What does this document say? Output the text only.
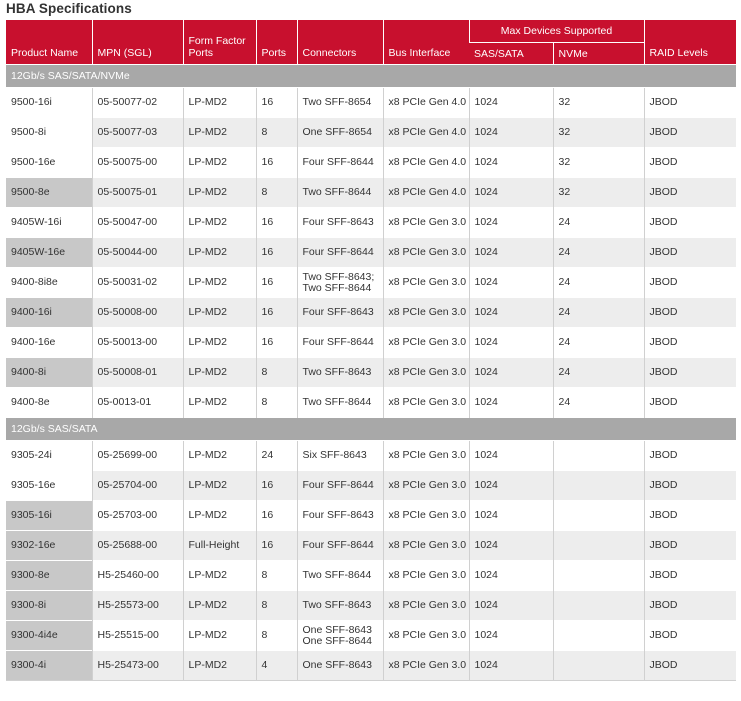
HBA Specifications
Product Name	MPN (SGL)	Form Factor Ports	Ports	Connectors	Bus Interface	Max Devices Supported		RAID Levels
						SAS/SATA	NVMe	
12Gb/s SAS/SATA/NVMe								
9500-16i	05-50077-02	LP-MD2	16	Two SFF-8654	x8 PCIe Gen 4.0	1024	32	JBOD
9500-8i	05-50077-03	LP-MD2	8	One SFF-8654	x8 PCIe Gen 4.0	1024	32	JBOD
9500-16e	05-50075-00	LP-MD2	16	Four SFF-8644	x8 PCIe Gen 4.0	1024	32	JBOD
9500-8e	05-50075-01	LP-MD2	8	Two SFF-8644	x8 PCIe Gen 4.0	1024	32	JBOD
9405W-16i	05-50047-00	LP-MD2	16	Four SFF-8643	x8 PCIe Gen 3.0	1024	24	JBOD
9405W-16e	05-50044-00	LP-MD2	16	Four SFF-8644	x8 PCIe Gen 3.0	1024	24	JBOD
9400-8i8e	05-50031-02	LP-MD2	16	Two SFF-8643;
Two SFF-8644	x8 PCIe Gen 3.0	1024	24	JBOD
9400-16i	05-50008-00	LP-MD2	16	Four SFF-8643	x8 PCIe Gen 3.0	1024	24	JBOD
9400-16e	05-50013-00	LP-MD2	16	Four SFF-8644	x8 PCIe Gen 3.0	1024	24	JBOD
9400-8i	05-50008-01	LP-MD2	8	Two SFF-8643	x8 PCIe Gen 3.0	1024	24	JBOD
9400-8e	05-0013-01	LP-MD2	8	Two SFF-8644	x8 PCIe Gen 3.0	1024	24	JBOD
12Gb/s SAS/SATA								
9305-24i	05-25699-00	LP-MD2	24	Six SFF-8643	x8 PCIe Gen 3.0	1024		JBOD
9305-16e	05-25704-00	LP-MD2	16	Four SFF-8644	x8 PCIe Gen 3.0	1024		JBOD
9305-16i	05-25703-00	LP-MD2	16	Four SFF-8643	x8 PCIe Gen 3.0	1024		JBOD
9302-16e	05-25688-00	Full-Height	16	Four SFF-8644	x8 PCIe Gen 3.0	1024		JBOD
9300-8e	H5-25460-00	LP-MD2	8	Two SFF-8644	x8 PCIe Gen 3.0	1024		JBOD
9300-8i	H5-25573-00	LP-MD2	8	Two SFF-8643	x8 PCIe Gen 3.0	1024		JBOD
9300-4i4e	H5-25515-00	LP-MD2	8	One SFF-8643
One SFF-8644	x8 PCIe Gen 3.0	1024		JBOD
9300-4i	H5-25473-00	LP-MD2	4	One SFF-8643	x8 PCIe Gen 3.0	1024		JBOD
